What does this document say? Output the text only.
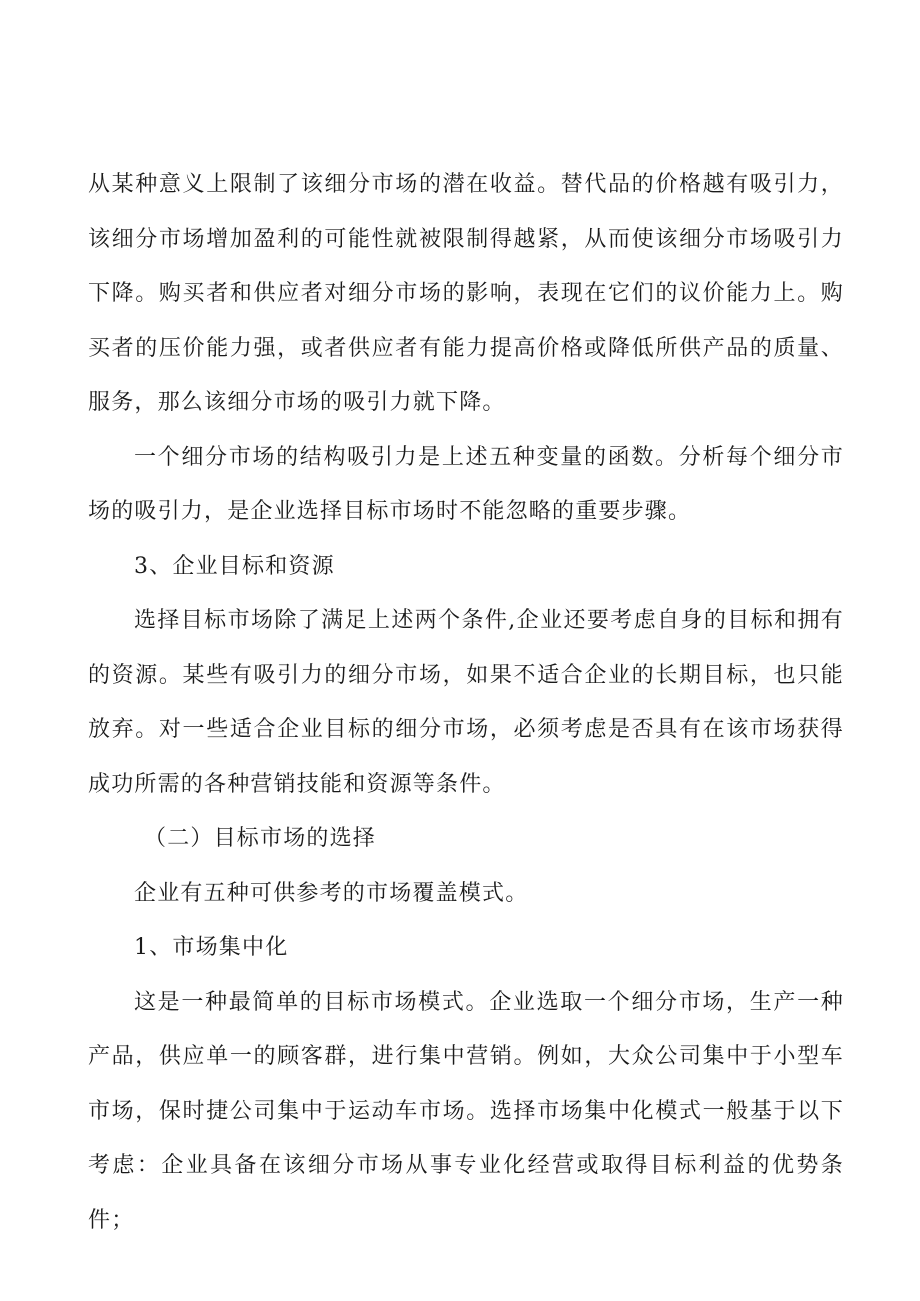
从某种意义上限制了该细分市场的潜在收益。替代品的价格越有吸引力，该细分市场增加盈利的可能性就被限制得越紧，从而使该细分市场吸引力下降。购买者和供应者对细分市场的影响，表现在它们的议价能力上。购买者的压价能力强，或者供应者有能力提高价格或降低所供产品的质量、服务，那么该细分市场的吸引力就下降。

一个细分市场的结构吸引力是上述五种变量的函数。分析每个细分市场的吸引力，是企业选择目标市场时不能忽略的重要步骤。

3、企业目标和资源

选择目标市场除了满足上述两个条件,企业还要考虑自身的目标和拥有的资源。某些有吸引力的细分市场，如果不适合企业的长期目标，也只能放弃。对一些适合企业目标的细分市场，必须考虑是否具有在该市场获得成功所需的各种营销技能和资源等条件。

（二）目标市场的选择

企业有五种可供参考的市场覆盖模式。

1、市场集中化

这是一种最简单的目标市场模式。企业选取一个细分市场，生产一种产品，供应单一的顾客群，进行集中营销。例如，大众公司集中于小型车市场，保时捷公司集中于运动车市场。选择市场集中化模式一般基于以下考虑：企业具备在该细分市场从事专业化经营或取得目标利益的优势条件；
